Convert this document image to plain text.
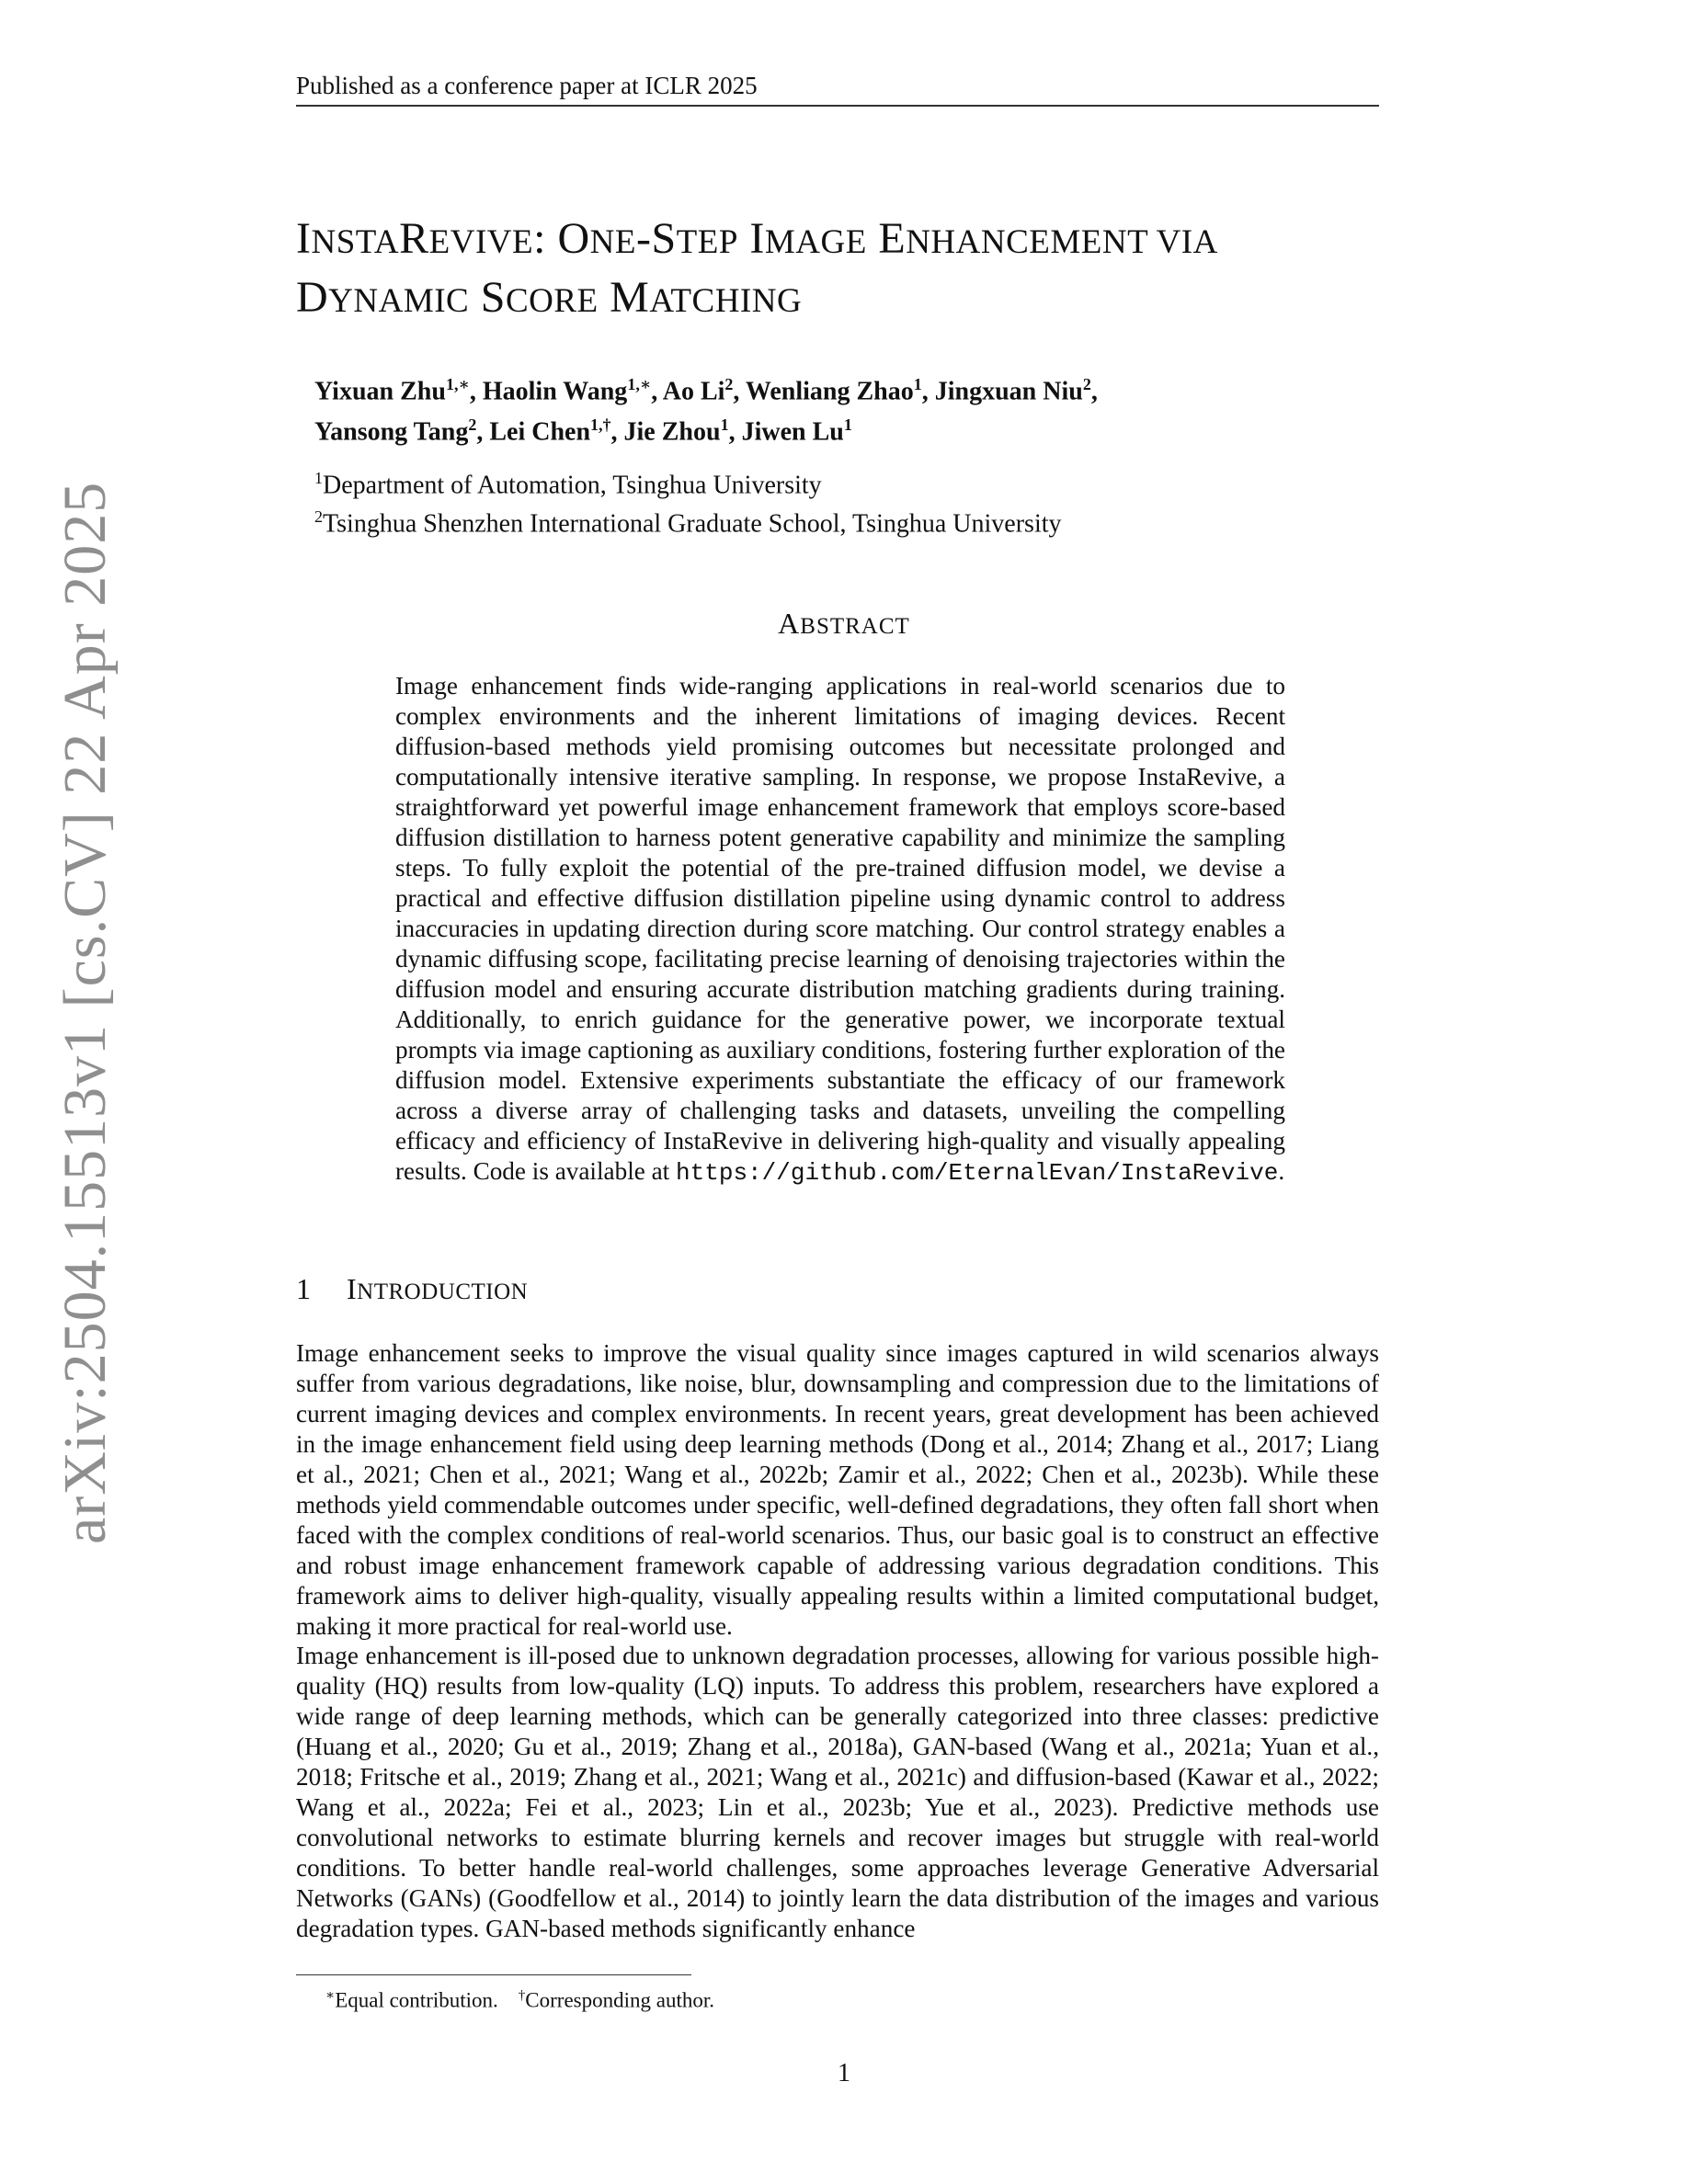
Published as a conference paper at ICLR 2025
INSTAREVIVE: ONE-STEP IMAGE ENHANCEMENT VIA
DYNAMIC SCORE MATCHING
Yixuan Zhu$^{1,∗}$, Haolin Wang$^{1,∗}$, Ao Li$^2$, Wenliang Zhao$^1$, Jingxuan Niu$^2$,
Yansong Tang$^2$, Lei Chen$^{1,\dagger}$, Jie Zhou$^1$, Jiwen Lu$^1$
$^1$Department of Automation, Tsinghua University
$^2$Tsinghua Shenzhen International Graduate School, Tsinghua University
ABSTRACT
Image enhancement finds wide-ranging applications in real-world scenarios due to complex environments and the inherent limitations of imaging devices. Recent diffusion-based methods yield promising outcomes but necessitate prolonged and computationally intensive iterative sampling. In response, we propose InstaRevive, a straightforward yet powerful image enhancement framework that employs score-based diffusion distillation to harness potent generative capability and minimize the sampling steps. To fully exploit the potential of the pre-trained diffusion model, we devise a practical and effective diffusion distillation pipeline using dynamic control to address inaccuracies in updating direction during score matching. Our control strategy enables a dynamic diffusing scope, facilitating precise learning of denoising trajectories within the diffusion model and ensuring accurate distribution matching gradients during training. Additionally, to enrich guidance for the generative power, we incorporate textual prompts via image captioning as auxiliary conditions, fostering further exploration of the diffusion model. Extensive experiments substantiate the efficacy of our framework across a diverse array of challenging tasks and datasets, unveiling the compelling efficacy and efficiency of InstaRevive in delivering high-quality and visually appealing results. Code is available at https://github.com/EternalEvan/InstaRevive.
1 INTRODUCTION
Image enhancement seeks to improve the visual quality since images captured in wild scenarios always suffer from various degradations, like noise, blur, downsampling and compression due to the limitations of current imaging devices and complex environments. In recent years, great development has been achieved in the image enhancement field using deep learning methods (Dong et al., 2014; Zhang et al., 2017; Liang et al., 2021; Chen et al., 2021; Wang et al., 2022b; Zamir et al., 2022; Chen et al., 2023b). While these methods yield commendable outcomes under specific, well-defined degradations, they often fall short when faced with the complex conditions of real-world scenarios. Thus, our basic goal is to construct an effective and robust image enhancement framework capable of addressing various degradation conditions. This framework aims to deliver high-quality, visually appealing results within a limited computational budget, making it more practical for real-world use.
Image enhancement is ill-posed due to unknown degradation processes, allowing for various possible high-quality (HQ) results from low-quality (LQ) inputs. To address this problem, researchers have explored a wide range of deep learning methods, which can be generally categorized into three classes: predictive (Huang et al., 2020; Gu et al., 2019; Zhang et al., 2018a), GAN-based (Wang et al., 2021a; Yuan et al., 2018; Fritsche et al., 2019; Zhang et al., 2021; Wang et al., 2021c) and diffusion-based (Kawar et al., 2022; Wang et al., 2022a; Fei et al., 2023; Lin et al., 2023b; Yue et al., 2023). Predictive methods use convolutional networks to estimate blurring kernels and recover images but struggle with real-world conditions. To better handle real-world challenges, some approaches leverage Generative Adversarial Networks (GANs) (Goodfellow et al., 2014) to jointly learn the data distribution of the images and various degradation types. GAN-based methods significantly enhance
∗Equal contribution. †Corresponding author.
1
arXiv:2504.15513v1 [cs.CV] 22 Apr 2025
